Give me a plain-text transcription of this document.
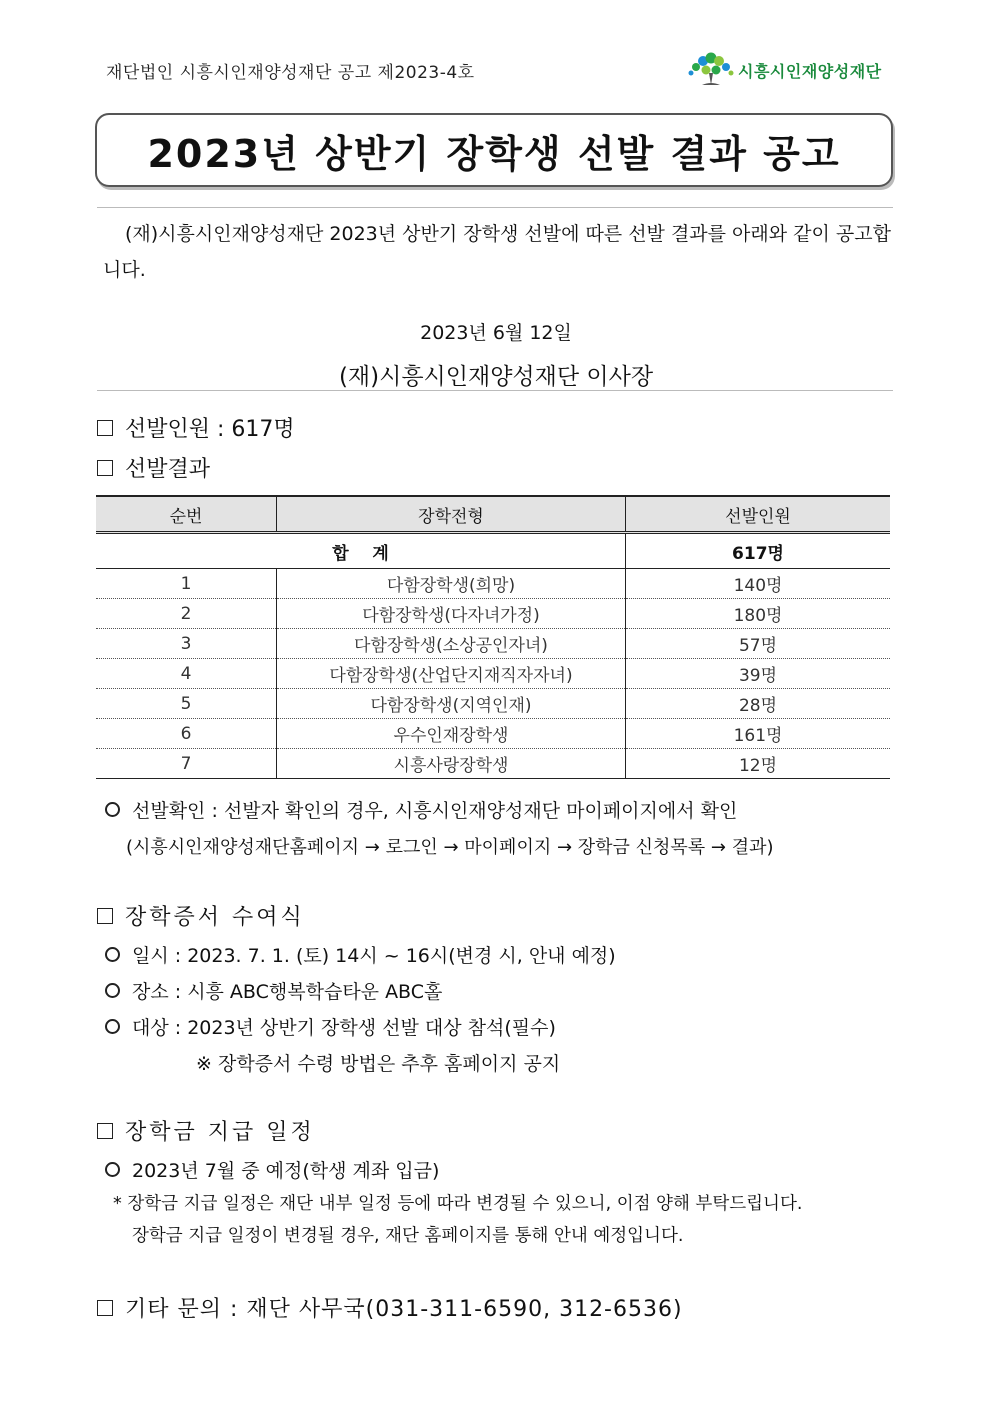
재단법인 시흥시인재양성재단 공고 제2023-4호	시흥시인재양성재단
2023년 상반기 장학생 선발 결과 공고
(재)시흥시인재양성재단 2023년 상반기 장학생 선발에 따른 선발 결과를 아래와 같이 공고합니다.
2023년 6월 12일
(재)시흥시인재양성재단 이사장
선발인원 : 617명
선발결과
순번	장학전형	선발인원
합    계		617명
1	다함장학생(희망)	140명
2	다함장학생(다자녀가정)	180명
3	다함장학생(소상공인자녀)	57명
4	다함장학생(산업단지재직자자녀)	39명
5	다함장학생(지역인재)	28명
6	우수인재장학생	161명
7	시흥사랑장학생	12명
선발확인 : 선발자 확인의 경우, 시흥시인재양성재단 마이페이지에서 확인
(시흥시인재양성재단홈페이지 → 로그인 → 마이페이지 → 장학금 신청목록 → 결과)
장학증서 수여식
일시 : 2023. 7. 1. (토) 14시 ~ 16시(변경 시, 안내 예정)
장소 : 시흥 ABC행복학습타운 ABC홀
대상 : 2023년 상반기 장학생 선발 대상 참석(필수)
※ 장학증서 수령 방법은 추후 홈페이지 공지
장학금 지급 일정
2023년 7월 중 예정(학생 계좌 입금)
* 장학금 지급 일정은 재단 내부 일정 등에 따라 변경될 수 있으니, 이점 양해 부탁드립니다.
장학금 지급 일정이 변경될 경우, 재단 홈페이지를 통해 안내 예정입니다.
기타 문의 : 재단 사무국(031-311-6590, 312-6536)
